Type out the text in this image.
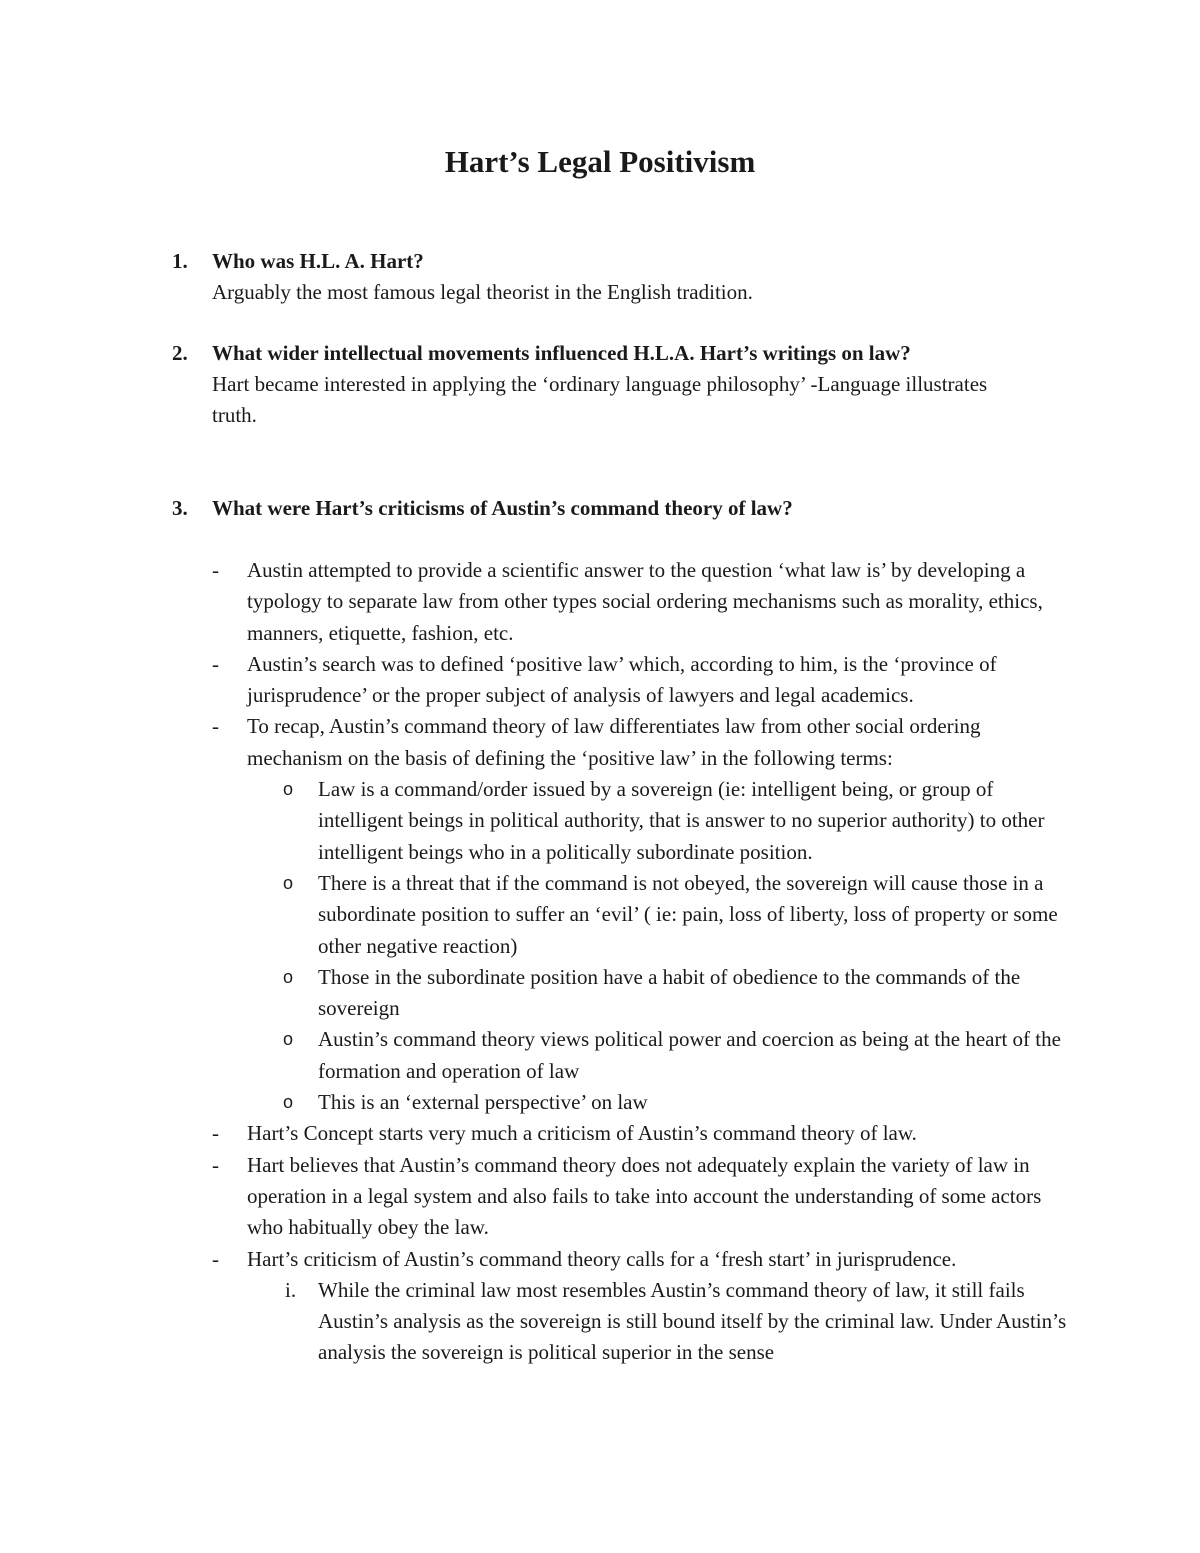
Hart’s Legal Positivism
1. Who was H.L. A. Hart?
Arguably the most famous legal theorist in the English tradition.
2. What wider intellectual movements influenced H.L.A. Hart’s writings on law?
Hart became interested in applying the ‘ordinary language philosophy’ -Language illustrates truth.
3. What were Hart’s criticisms of Austin’s command theory of law?
- Austin attempted to provide a scientific answer to the question ‘what law is’ by developing a typology to separate law from other types social ordering mechanisms such as morality, ethics, manners, etiquette, fashion, etc.
- Austin’s search was to defined ‘positive law’ which, according to him, is the ‘province of jurisprudence’ or the proper subject of analysis of lawyers and legal academics.
- To recap, Austin’s command theory of law differentiates law from other social ordering mechanism on the basis of defining the ‘positive law’ in the following terms:
o Law is a command/order issued by a sovereign (ie: intelligent being, or group of intelligent beings in political authority, that is answer to no superior authority) to other intelligent beings who in a politically subordinate position.
o There is a threat that if the command is not obeyed, the sovereign will cause those in a subordinate position to suffer an ‘evil’ ( ie: pain, loss of liberty, loss of property or some other negative reaction)
o Those in the subordinate position have a habit of obedience to the commands of the sovereign
o Austin’s command theory views political power and coercion as being at the heart of the formation and operation of law
o This is an ‘external perspective’ on law
- Hart’s Concept starts very much a criticism of Austin’s command theory of law.
- Hart believes that Austin’s command theory does not adequately explain the variety of law in operation in a legal system and also fails to take into account the understanding of some actors who habitually obey the law.
- Hart’s criticism of Austin’s command theory calls for a ‘fresh start’ in jurisprudence.
i. While the criminal law most resembles Austin’s command theory of law, it still fails Austin’s analysis as the sovereign is still bound itself by the criminal law. Under Austin’s analysis the sovereign is political superior in the sense
